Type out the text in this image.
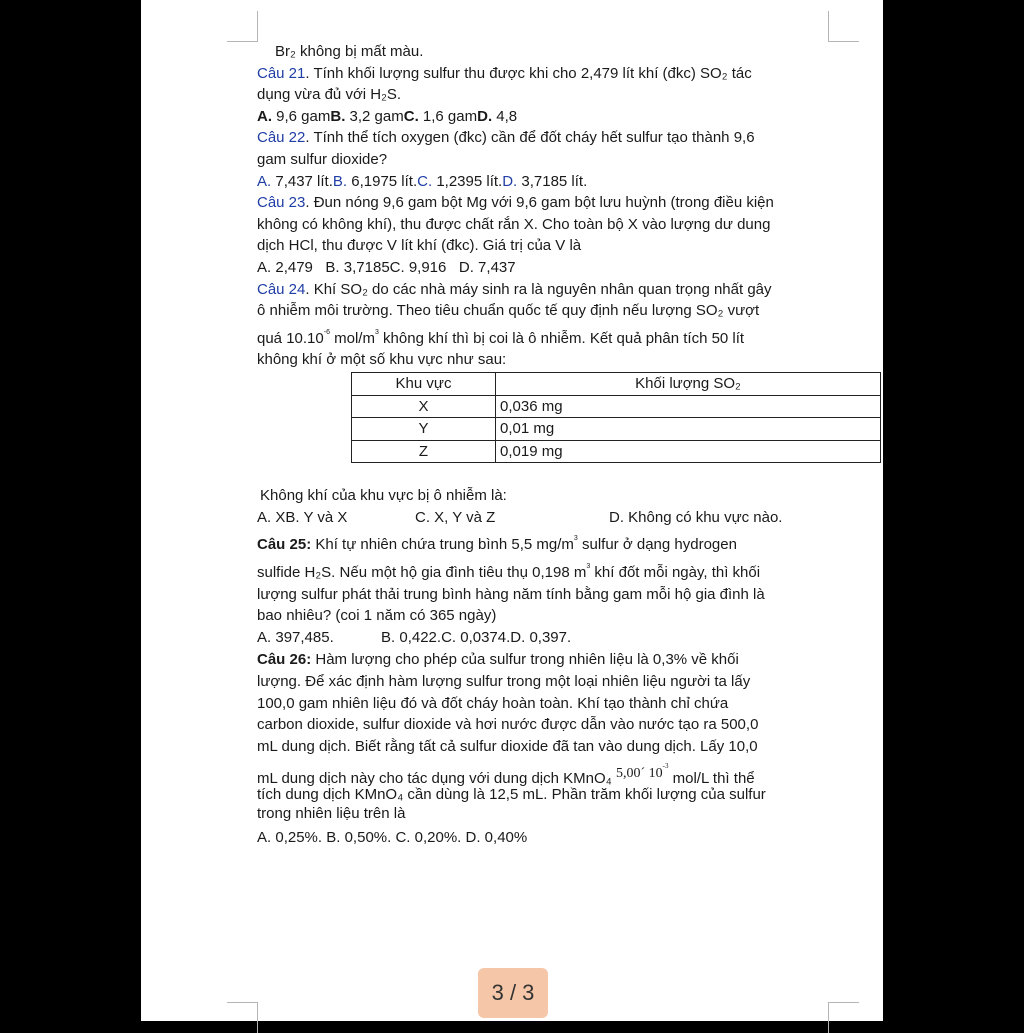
Br₂ không bị mất màu.

Câu 21. Tính khối lượng sulfur thu được khi cho 2,479 lít khí (đkc) SO₂ tác

dụng vừa đủ với H₂S.

A. 9,6 gamB. 3,2 gamC. 1,6 gamD. 4,8

Câu 22. Tính thể tích oxygen (đkc) cần để đốt cháy hết sulfur tạo thành 9,6

gam sulfur dioxide?

A. 7,437 lít.B. 6,1975 lít.C. 1,2395 lít.D. 3,7185 lít.

Câu 23. Đun nóng 9,6 gam bột Mg với 9,6 gam bột lưu huỳnh (trong điều kiện

không có không khí), thu được chất rắn X. Cho toàn bộ X vào lượng dư dung

dịch HCl, thu được V lít khí (đkc). Giá trị của V là

A. 2,479 B. 3,7185C. 9,916 D. 7,437

Câu 24. Khí SO₂ do các nhà máy sinh ra là nguyên nhân quan trọng nhất gây

ô nhiễm môi trường. Theo tiêu chuẩn quốc tế quy định nếu lượng SO₂ vượt

quá $10.10^{-6}$ mol/$m^3$ không khí thì bị coi là ô nhiễm. Kết quả phân tích 50 lít

không khí ở một số khu vực như sau:

Khu vực	Khối lượng SO₂
X	0,036 mg
Y	0,01 mg
Z	0,019 mg

Không khí của khu vực bị ô nhiễm là:

A. XB. Y và X	C. X, Y và Z	D. Không có khu vực nào.

Câu 25: Khí tự nhiên chứa trung bình 5,5 $mg/m^3$ sulfur ở dạng hydrogen

sulfide H₂S. Nếu một hộ gia đình tiêu thụ 0,198 $m^3$ khí đốt mỗi ngày, thì khối

lượng sulfur phát thải trung bình hàng năm tính bằng gam mỗi hộ gia đình là

bao nhiêu? (coi 1 năm có 365 ngày)

A. 397,485.	B. 0,422.C. 0,0374.D. 0,397.

Câu 26: Hàm lượng cho phép của sulfur trong nhiên liệu là 0,3% về khối

lượng. Để xác định hàm lượng sulfur trong một loại nhiên liệu người ta lấy

100,0 gam nhiên liệu đó và đốt cháy hoàn toàn. Khí tạo thành chỉ chứa

carbon dioxide, sulfur dioxide và hơi nước được dẫn vào nước tạo ra 500,0

mL dung dịch. Biết rằng tất cả sulfur dioxide đã tan vào dung dịch. Lấy 10,0

mL dung dịch này cho tác dụng với dung dịch KMnO₄ 5,00´ $10^{-3}$ mol/L thì thể

tích dung dịch KMnO₄ cần dùng là 12,5 mL. Phần trăm khối lượng của sulfur

trong nhiên liệu trên là

A. 0,25%. B. 0,50%. C. 0,20%. D. 0,40%

3 / 3
